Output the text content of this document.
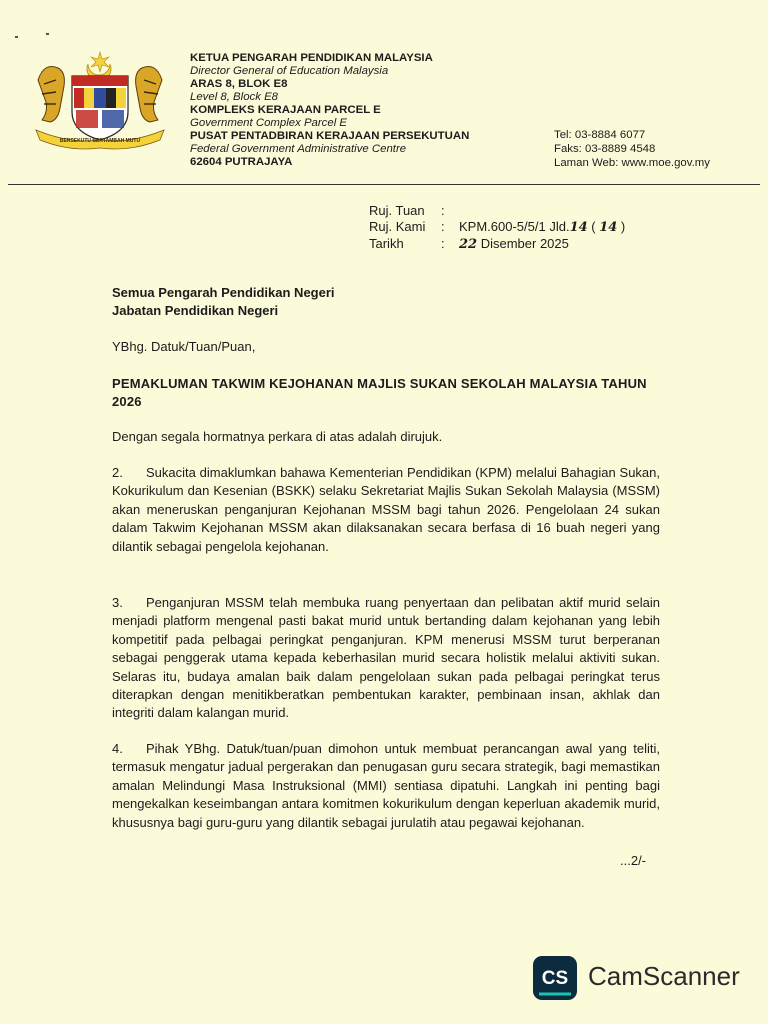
BERSEKUTU BERTAMBAH MUTU
KETUA PENGARAH PENDIDIKAN MALAYSIA
Director General of Education Malaysia
ARAS 8, BLOK E8
Level 8, Block E8
KOMPLEKS KERAJAAN PARCEL E
Government Complex Parcel E
PUSAT PENTADBIRAN KERAJAAN PERSEKUTUAN
Federal Government Administrative Centre
62604 PUTRAJAYA
Tel: 03-8884 6077
Faks: 03-8889 4548
Laman Web: www.moe.gov.my
Ruj. Tuan	:
Ruj. Kami	:	KPM.600-5/5/1 Jld.14 ( 14 )
Tarikh	:	22 Disember 2025
Semua Pengarah Pendidikan Negeri
Jabatan Pendidikan Negeri
YBhg. Datuk/Tuan/Puan,
PEMAKLUMAN TAKWIM KEJOHANAN MAJLIS SUKAN SEKOLAH MALAYSIA TAHUN 2026
Dengan segala hormatnya perkara di atas adalah dirujuk.
2. Sukacita dimaklumkan bahawa Kementerian Pendidikan (KPM) melalui Bahagian Sukan, Kokurikulum dan Kesenian (BSKK) selaku Sekretariat Majlis Sukan Sekolah Malaysia (MSSM) akan meneruskan penganjuran Kejohanan MSSM bagi tahun 2026. Pengelolaan 24 sukan dalam Takwim Kejohanan MSSM akan dilaksanakan secara berfasa di 16 buah negeri yang dilantik sebagai pengelola kejohanan.
3. Penganjuran MSSM telah membuka ruang penyertaan dan pelibatan aktif murid selain menjadi platform mengenal pasti bakat murid untuk bertanding dalam kejohanan yang lebih kompetitif pada pelbagai peringkat penganjuran. KPM menerusi MSSM turut berperanan sebagai penggerak utama kepada keberhasilan murid secara holistik melalui aktiviti sukan. Selaras itu, budaya amalan baik dalam pengelolaan sukan pada pelbagai peringkat terus diterapkan dengan menitikberatkan pembentukan karakter, pembinaan insan, akhlak dan integriti dalam kalangan murid.
4. Pihak YBhg. Datuk/tuan/puan dimohon untuk membuat perancangan awal yang teliti, termasuk mengatur jadual pergerakan dan penugasan guru secara strategik, bagi memastikan amalan Melindungi Masa Instruksional (MMI) sentiasa dipatuhi. Langkah ini penting bagi mengekalkan keseimbangan antara komitmen kokurikulum dengan keperluan akademik murid, khususnya bagi guru-guru yang dilantik sebagai jurulatih atau pegawai kejohanan.
...2/-
CS CamScanner
